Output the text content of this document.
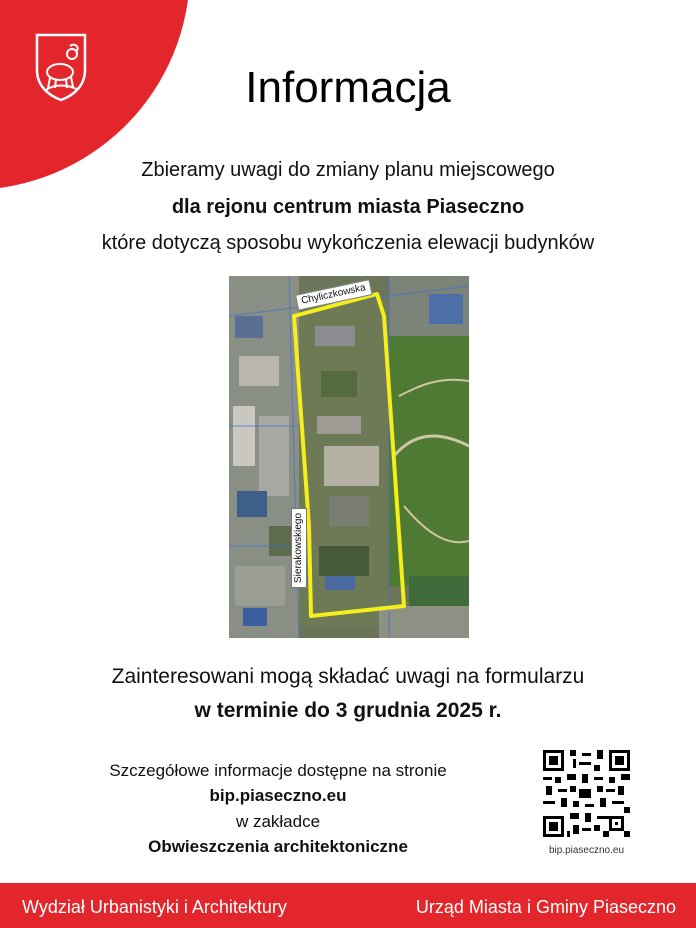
Informacja
Zbieramy uwagi do zmiany planu miejscowego
dla rejonu centrum miasta Piaseczno
które dotyczą sposobu wykończenia elewacji budynków
Chyliczkowska
Sierakowskiego
Zainteresowani mogą składać uwagi na formularzu
w terminie do 3 grudnia 2025 r.
Szczegółowe informacje dostępne na stronie
bip.piaseczno.eu
w zakładce
Obwieszczenia architektoniczne	bip.piaseczno.eu
Wydział Urbanistyki i Architektury	Urząd Miasta i Gminy Piaseczno
